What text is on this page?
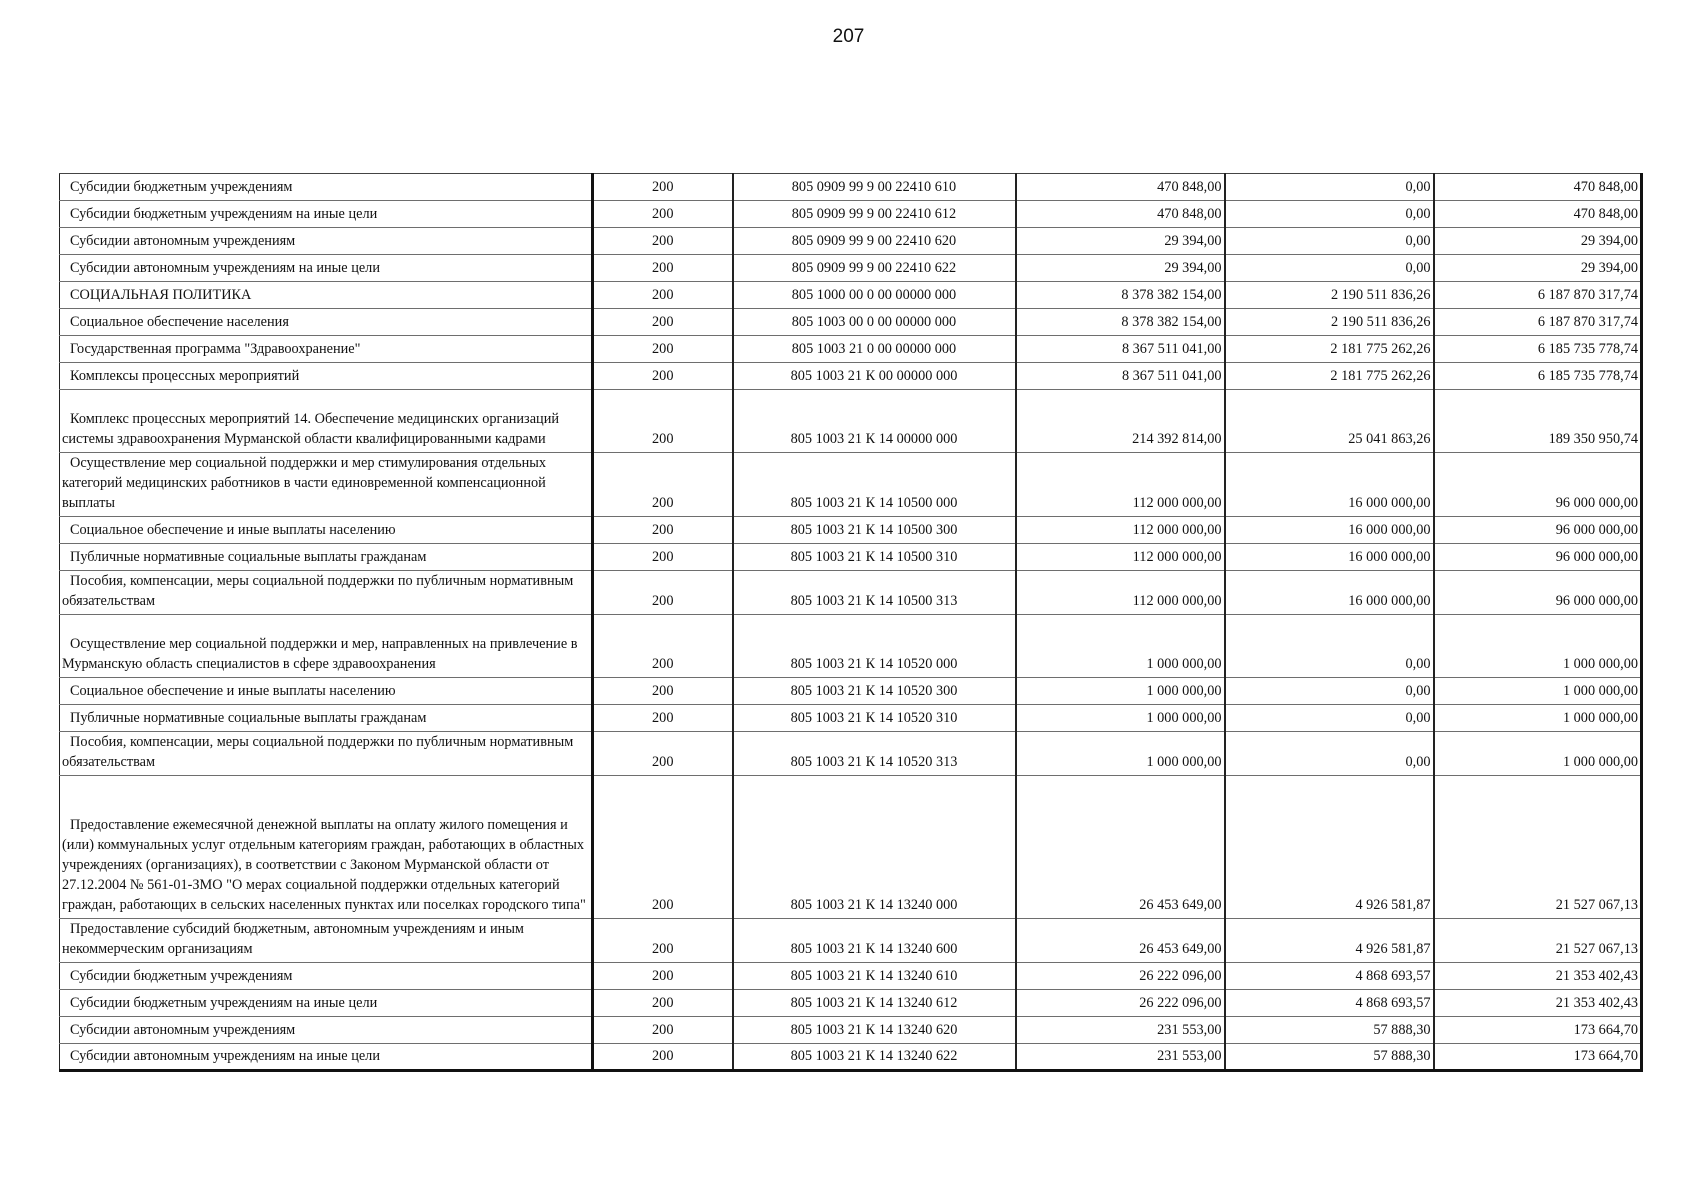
207
Субсидии бюджетным учреждениям	200	805 0909 99 9 00 22410 610	470 848,00	0,00	470 848,00
Субсидии бюджетным учреждениям на иные цели	200	805 0909 99 9 00 22410 612	470 848,00	0,00	470 848,00
Субсидии автономным учреждениям	200	805 0909 99 9 00 22410 620	29 394,00	0,00	29 394,00
Субсидии автономным учреждениям на иные цели	200	805 0909 99 9 00 22410 622	29 394,00	0,00	29 394,00
СОЦИАЛЬНАЯ ПОЛИТИКА	200	805 1000 00 0 00 00000 000	8 378 382 154,00	2 190 511 836,26	6 187 870 317,74
Социальное обеспечение населения	200	805 1003 00 0 00 00000 000	8 378 382 154,00	2 190 511 836,26	6 187 870 317,74
Государственная программа "Здравоохранение"	200	805 1003 21 0 00 00000 000	8 367 511 041,00	2 181 775 262,26	6 185 735 778,74
Комплексы процессных мероприятий	200	805 1003 21 К 00 00000 000	8 367 511 041,00	2 181 775 262,26	6 185 735 778,74
Комплекс процессных мероприятий 14. Обеспечение медицинских организаций системы здравоохранения Мурманской области квалифицированными кадрами	200	805 1003 21 К 14 00000 000	214 392 814,00	25 041 863,26	189 350 950,74
Осуществление мер социальной поддержки и мер стимулирования отдельных категорий медицинских работников в части единовременной компенсационной выплаты	200	805 1003 21 К 14 10500 000	112 000 000,00	16 000 000,00	96 000 000,00
Социальное обеспечение и иные выплаты населению	200	805 1003 21 К 14 10500 300	112 000 000,00	16 000 000,00	96 000 000,00
Публичные нормативные социальные выплаты гражданам	200	805 1003 21 К 14 10500 310	112 000 000,00	16 000 000,00	96 000 000,00
Пособия, компенсации, меры социальной поддержки по публичным нормативным обязательствам	200	805 1003 21 К 14 10500 313	112 000 000,00	16 000 000,00	96 000 000,00
Осуществление мер социальной поддержки и мер, направленных на привлечение в Мурманскую область специалистов в сфере здравоохранения	200	805 1003 21 К 14 10520 000	1 000 000,00	0,00	1 000 000,00
Социальное обеспечение и иные выплаты населению	200	805 1003 21 К 14 10520 300	1 000 000,00	0,00	1 000 000,00
Публичные нормативные социальные выплаты гражданам	200	805 1003 21 К 14 10520 310	1 000 000,00	0,00	1 000 000,00
Пособия, компенсации, меры социальной поддержки по публичным нормативным обязательствам	200	805 1003 21 К 14 10520 313	1 000 000,00	0,00	1 000 000,00
Предоставление ежемесячной денежной выплаты на оплату жилого помещения и (или) коммунальных услуг отдельным категориям граждан, работающих в областных учреждениях (организациях), в соответствии с Законом Мурманской области от 27.12.2004 № 561-01-ЗМО "О мерах социальной поддержки отдельных категорий граждан, работающих в сельских населенных пунктах или поселках городского типа"	200	805 1003 21 К 14 13240 000	26 453 649,00	4 926 581,87	21 527 067,13
Предоставление субсидий бюджетным, автономным учреждениям и иным некоммерческим организациям	200	805 1003 21 К 14 13240 600	26 453 649,00	4 926 581,87	21 527 067,13
Субсидии бюджетным учреждениям	200	805 1003 21 К 14 13240 610	26 222 096,00	4 868 693,57	21 353 402,43
Субсидии бюджетным учреждениям на иные цели	200	805 1003 21 К 14 13240 612	26 222 096,00	4 868 693,57	21 353 402,43
Субсидии автономным учреждениям	200	805 1003 21 К 14 13240 620	231 553,00	57 888,30	173 664,70
Субсидии автономным учреждениям на иные цели	200	805 1003 21 К 14 13240 622	231 553,00	57 888,30	173 664,70
